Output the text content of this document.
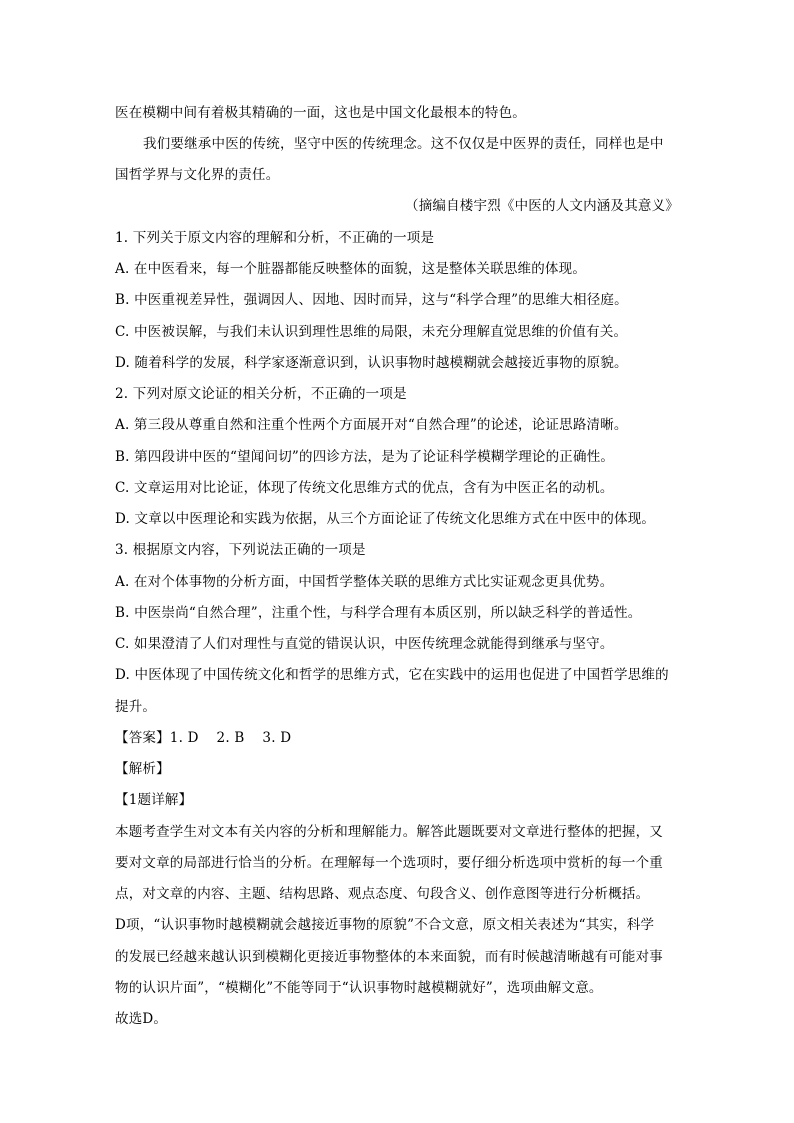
医在模糊中间有着极其精确的一面，这也是中国文化最根本的特色。
我们要继承中医的传统，坚守中医的传统理念。这不仅仅是中医界的责任，同样也是中
国哲学界与文化界的责任。
（摘编自楼宇烈《中医的人文内涵及其意义》
1. 下列关于原文内容的理解和分析，不正确的一项是
A. 在中医看来，每一个脏器都能反映整体的面貌，这是整体关联思维的体现。
B. 中医重视差异性，强调因人、因地、因时而异，这与“科学合理”的思维大相径庭。
C. 中医被误解，与我们未认识到理性思维的局限，未充分理解直觉思维的价值有关。
D. 随着科学的发展，科学家逐渐意识到，认识事物时越模糊就会越接近事物的原貌。
2. 下列对原文论证的相关分析，不正确的一项是
A. 第三段从尊重自然和注重个性两个方面展开对“自然合理”的论述，论证思路清晰。
B. 第四段讲中医的“望闻问切”的四诊方法，是为了论证科学模糊学理论的正确性。
C. 文章运用对比论证，体现了传统文化思维方式的优点，含有为中医正名的动机。
D. 文章以中医理论和实践为依据，从三个方面论证了传统文化思维方式在中医中的体现。
3. 根据原文内容，下列说法正确的一项是
A. 在对个体事物的分析方面，中国哲学整体关联的思维方式比实证观念更具优势。
B. 中医崇尚“自然合理”，注重个性，与科学合理有本质区别，所以缺乏科学的普适性。
C. 如果澄清了人们对理性与直觉的错误认识，中医传统理念就能得到继承与坚守。
D. 中医体现了中国传统文化和哲学的思维方式，它在实践中的运用也促进了中国哲学思维的
提升。
【答案】1. D    2. B    3. D
【解析】
【1题详解】
本题考查学生对文本有关内容的分析和理解能力。解答此题既要对文章进行整体的把握，又
要对文章的局部进行恰当的分析。在理解每一个选项时，要仔细分析选项中赏析的每一个重
点，对文章的内容、主题、结构思路、观点态度、句段含义、创作意图等进行分析概括。
D项，“认识事物时越模糊就会越接近事物的原貌”不合文意，原文相关表述为“其实，科学
的发展已经越来越认识到模糊化更接近事物整体的本来面貌，而有时候越清晰越有可能对事
物的认识片面”，“模糊化”不能等同于“认识事物时越模糊就好”，选项曲解文意。
故选D。
